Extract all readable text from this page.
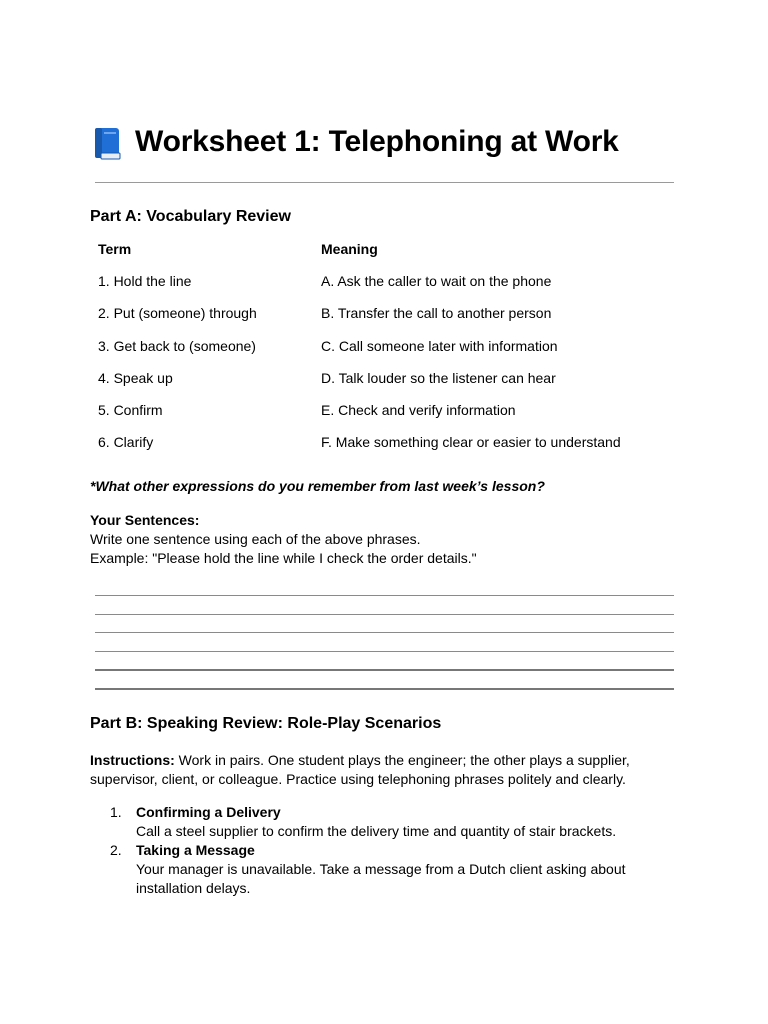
Worksheet 1: Telephoning at Work
Part A: Vocabulary Review
Term	Meaning
1. Hold the line	A. Ask the caller to wait on the phone
2. Put (someone) through	B. Transfer the call to another person
3. Get back to (someone)	C. Call someone later with information
4. Speak up	D. Talk louder so the listener can hear
5. Confirm	E. Check and verify information
6. Clarify	F. Make something clear or easier to understand
*What other expressions do you remember from last week’s lesson?
Your Sentences:
Write one sentence using each of the above phrases.
Example: "Please hold the line while I check the order details."
Part B: Speaking Review: Role-Play Scenarios
Instructions: Work in pairs. One student plays the engineer; the other plays a supplier, supervisor, client, or colleague. Practice using telephoning phrases politely and clearly.
1. Confirming a Delivery
Call a steel supplier to confirm the delivery time and quantity of stair brackets.
2. Taking a Message
Your manager is unavailable. Take a message from a Dutch client asking about installation delays.
